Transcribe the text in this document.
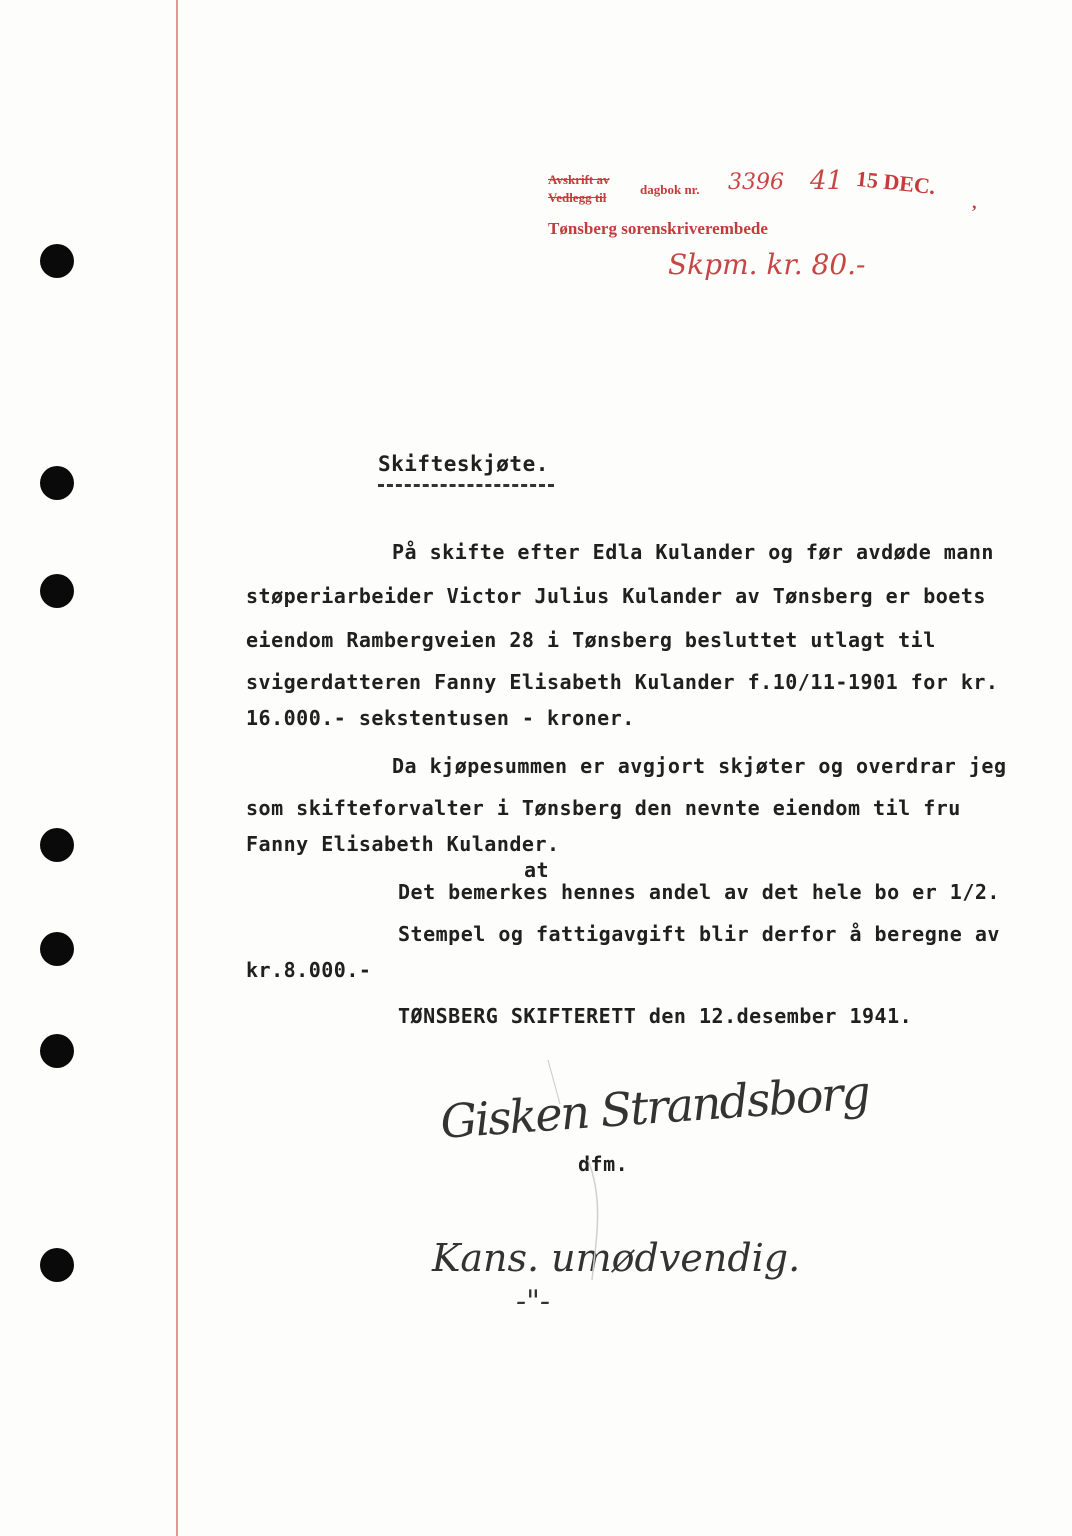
Avskrift av
Vedlegg til
dagbok nr. 3396 41 15 DEC.
,
Tønsberg sorenskriverembede
Skpm. kr. 80.-
Skifteskjøte.
På skifte efter Edla Kulander og før avdøde mann
støperiarbeider Victor Julius Kulander av Tønsberg er boets
eiendom Rambergveien 28 i Tønsberg besluttet utlagt til
svigerdatteren Fanny Elisabeth Kulander f.10/11-1901 for kr.
16.000.- sekstentusen - kroner.
Da kjøpesummen er avgjort skjøter og overdrar jeg
som skifteforvalter i Tønsberg den nevnte eiendom til fru
Fanny Elisabeth Kulander.
at
Det bemerkes hennes andel av det hele bo er 1/2.
Stempel og fattigavgift blir derfor å beregne av
kr.8.000.-
TØNSBERG SKIFTERETT den 12.desember 1941.
Gisken Strandsborg
dfm.
Kans. umødvendig.
-"-
